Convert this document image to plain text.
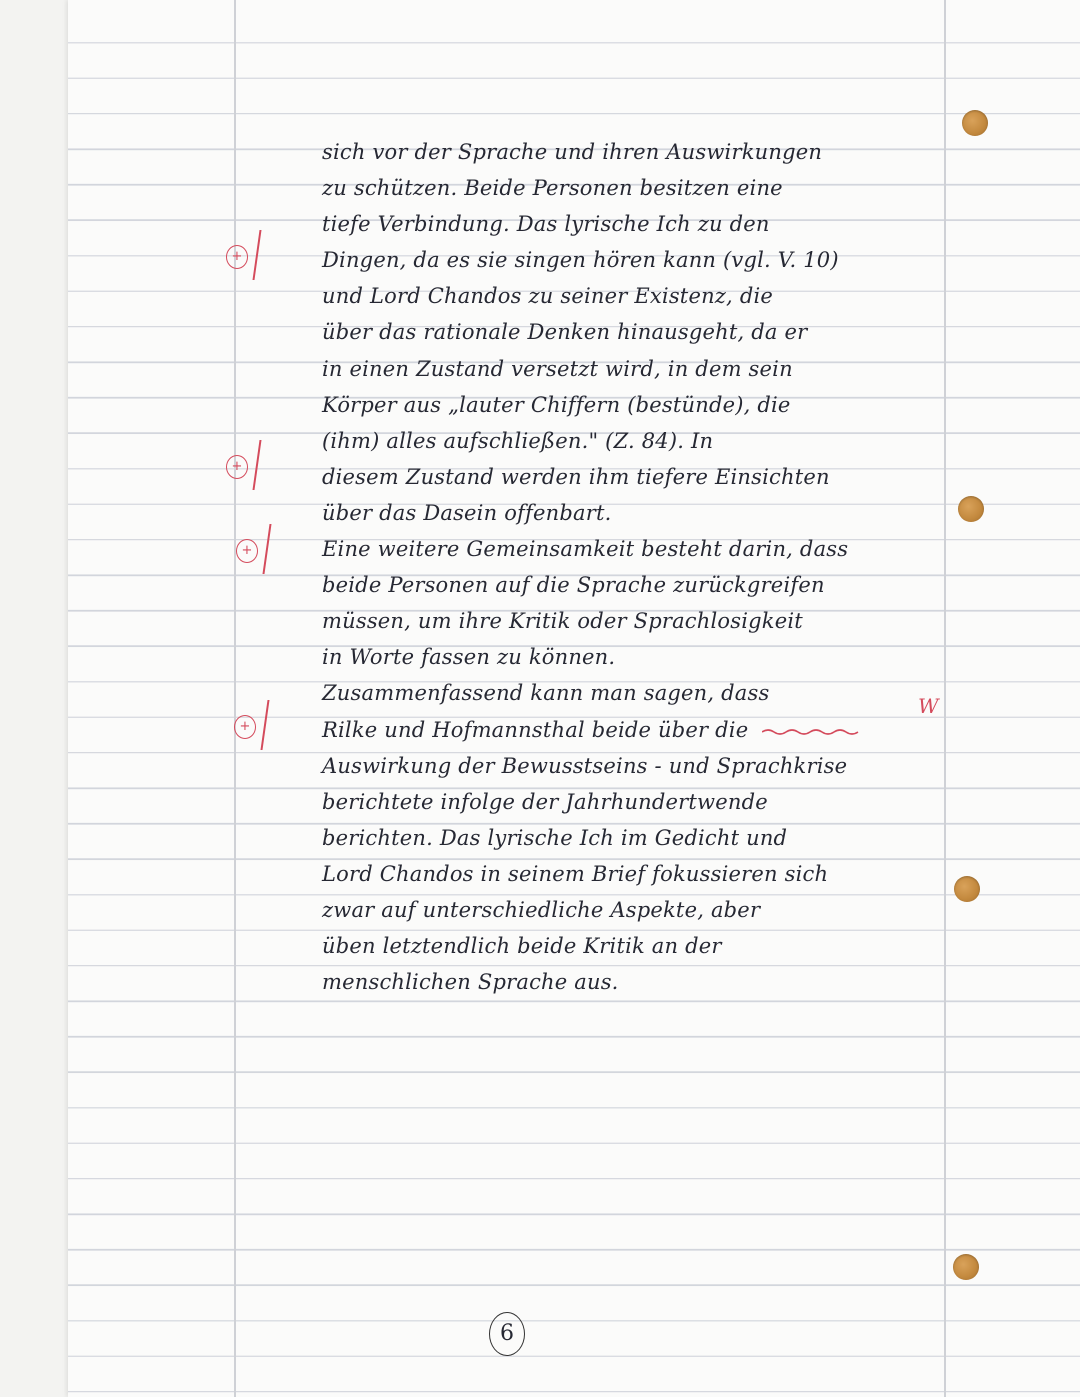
+
+
+
+
W
sich vor der Sprache und ihren Auswirkungen
zu schützen. Beide Personen besitzen eine
tiefe Verbindung. Das lyrische Ich zu den
Dingen, da es sie singen hören kann (vgl. V. 10)
und Lord Chandos zu seiner Existenz, die
über das rationale Denken hinausgeht, da er
in einen Zustand versetzt wird, in dem sein
Körper aus „lauter Chiffern (bestünde), die
(ihm) alles aufschließen." (Z. 84). In
diesem Zustand werden ihm tiefere Einsichten
über das Dasein offenbart.
Eine weitere Gemeinsamkeit besteht darin, dass
beide Personen auf die Sprache zurückgreifen
müssen, um ihre Kritik oder Sprachlosigkeit
in Worte fassen zu können.
Zusammenfassend kann man sagen, dass
Rilke und Hofmannsthal beide über die
Auswirkung der Bewusstseins - und Sprachkrise
berichtete infolge der Jahrhundertwende
berichten. Das lyrische Ich im Gedicht und
Lord Chandos in seinem Brief fokussieren sich
zwar auf unterschiedliche Aspekte, aber
üben letztendlich beide Kritik an der
menschlichen Sprache aus.
6
